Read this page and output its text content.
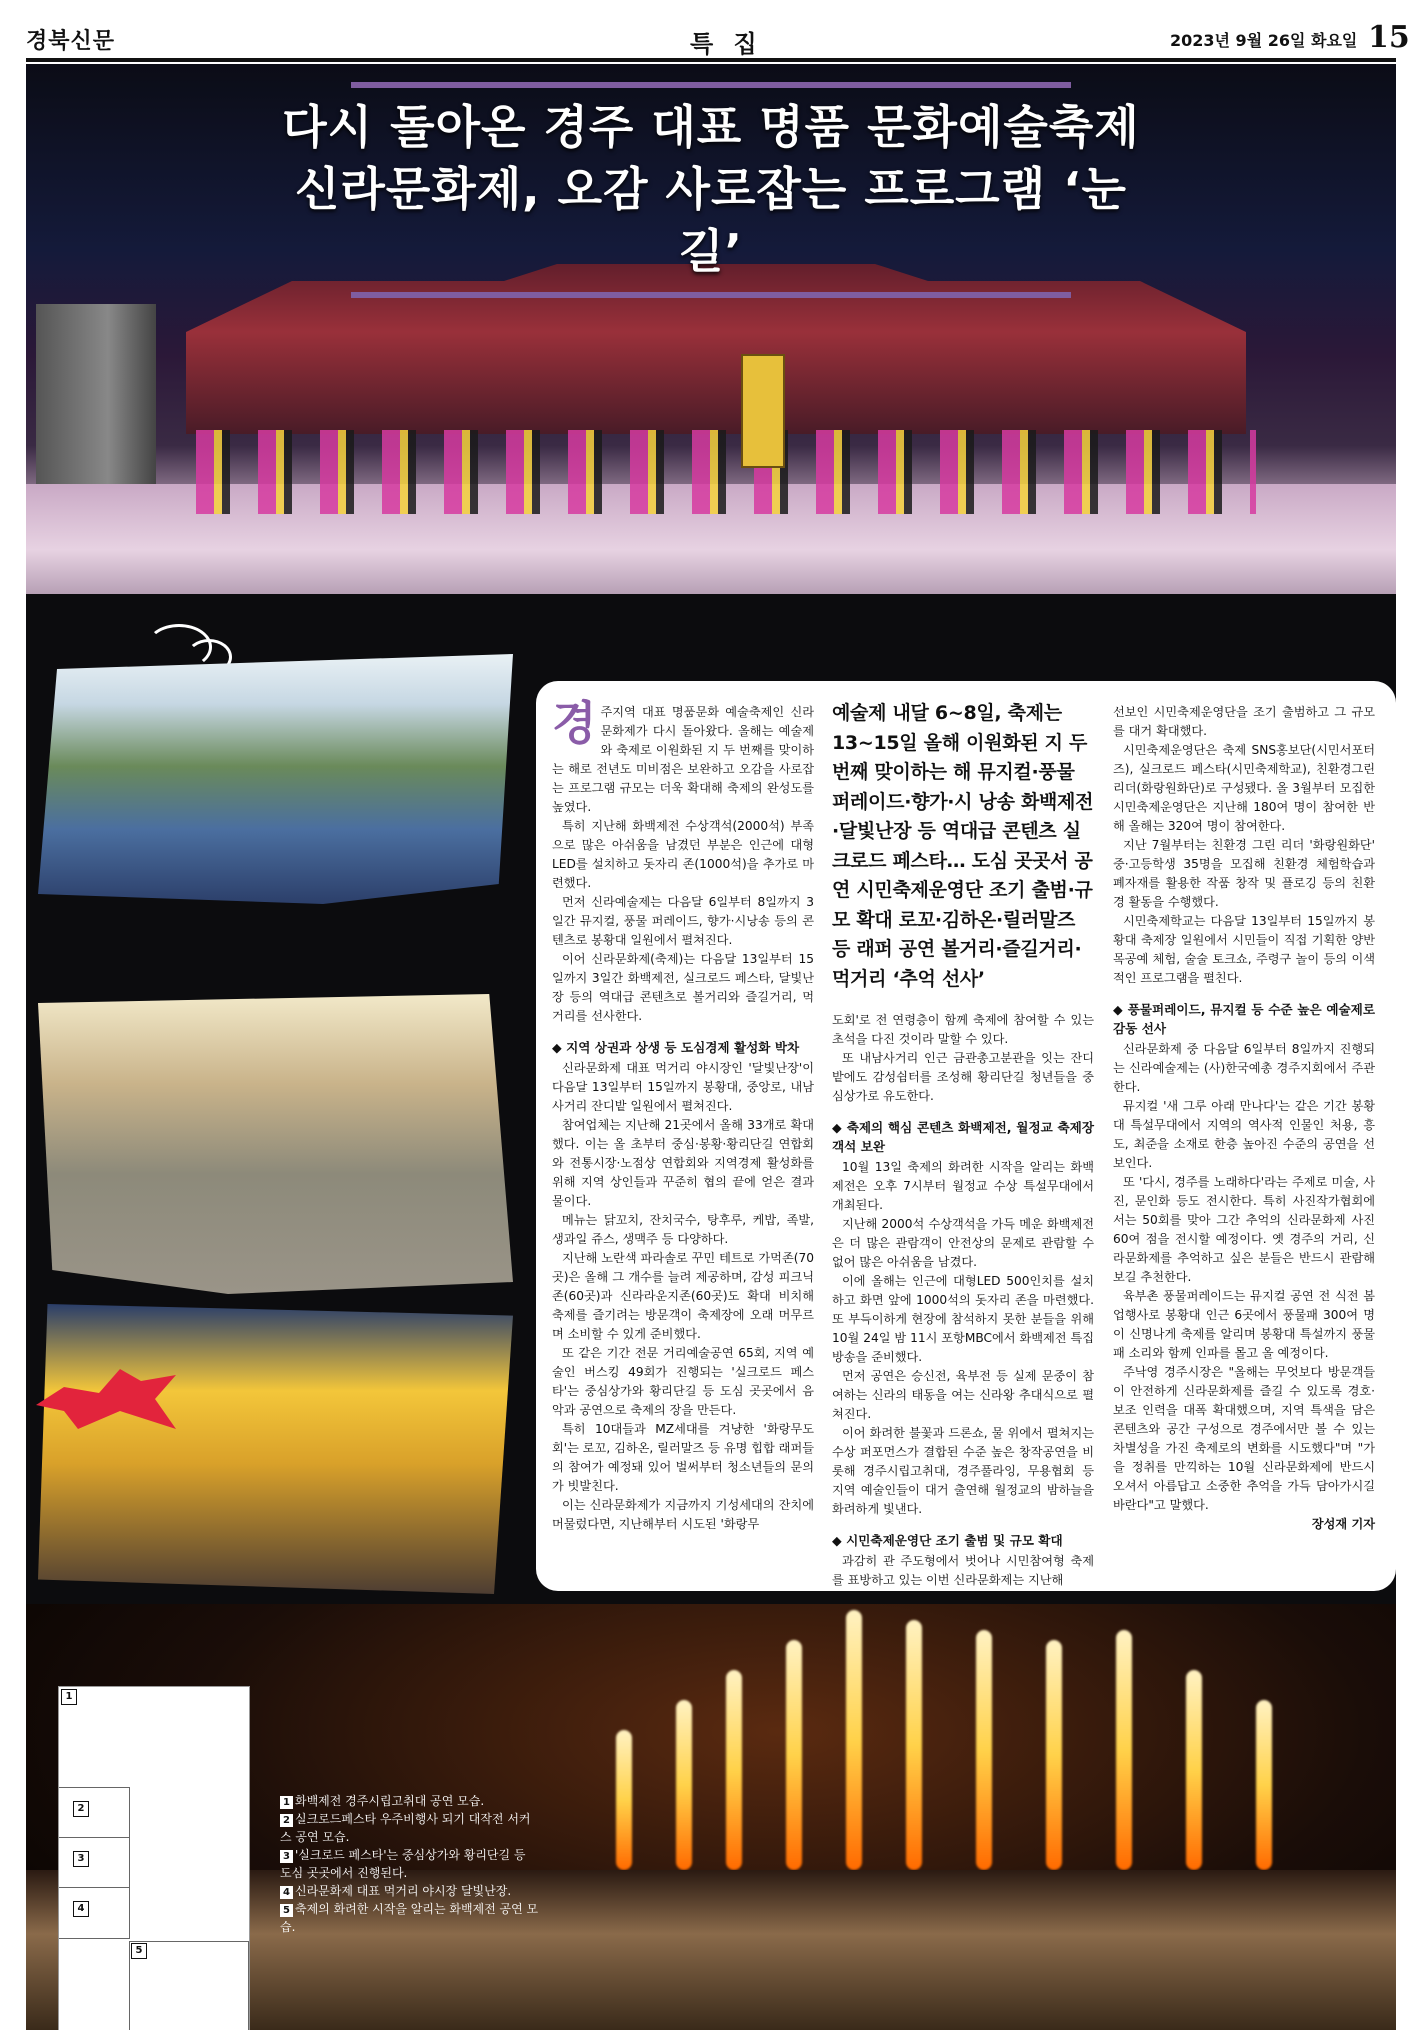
경북신문	특 집	2023년 9월 26일 화요일 15
다시 돌아온 경주 대표 명품 문화예술축제
신라문화제, 오감 사로잡는 프로그램 ‘눈길’
1
2
3
4
5
1 화백제전 경주시립고취대 공연 모습.
2 실크로드페스타 우주비행사 되기 대작전 서커스 공연 모습.
3 '실크로드 페스타'는 중심상가와 황리단길 등 도심 곳곳에서 진행된다.
4 신라문화제 대표 먹거리 야시장 달빛난장.
5 축제의 화려한 시작을 알리는 화백제전 공연 모습.

경주지역 대표 명품문화 예술축제인 신라문화제가 다시 돌아왔다. 올해는 예술제와 축제로 이원화된 지 두 번째를 맞이하는 해로 전년도 미비점은 보완하고 오감을 사로잡는 프로그램 규모는 더욱 확대해 축제의 완성도를 높였다.

특히 지난해 화백제전 수상객석(2000석) 부족으로 많은 아쉬움을 남겼던 부분은 인근에 대형 LED를 설치하고 돗자리 존(1000석)을 추가로 마련했다.

먼저 신라예술제는 다음달 6일부터 8일까지 3일간 뮤지컬, 풍물 퍼레이드, 향가·시낭송 등의 콘텐츠로 봉황대 일원에서 펼쳐진다.

이어 신라문화제(축제)는 다음달 13일부터 15일까지 3일간 화백제전, 실크로드 페스타, 달빛난장 등의 역대급 콘텐츠로 볼거리와 즐길거리, 먹거리를 선사한다.

◆ 지역 상권과 상생 등 도심경제 활성화 박차

신라문화제 대표 먹거리 야시장인 '달빛난장'이 다음달 13일부터 15일까지 봉황대, 중앙로, 내남사거리 잔디밭 일원에서 펼쳐진다.

참여업체는 지난해 21곳에서 올해 33개로 확대했다. 이는 올 초부터 중심·봉황·황리단길 연합회와 전통시장·노점상 연합회와 지역경제 활성화를 위해 지역 상인들과 꾸준히 협의 끝에 얻은 결과물이다.

메뉴는 닭꼬치, 잔치국수, 탕후루, 케밥, 족발, 생과일 쥬스, 생맥주 등 다양하다.

지난해 노란색 파라솔로 꾸민 테트로 가먹존(70곳)은 올해 그 개수를 늘려 제공하며, 감성 피크닉존(60곳)과 신라라운지존(60곳)도 확대 비치해 축제를 즐기려는 방문객이 축제장에 오래 머무르며 소비할 수 있게 준비했다.

또 같은 기간 전문 거리예술공연 65회, 지역 예술인 버스킹 49회가 진행되는 '실크로드 페스타'는 중심상가와 황리단길 등 도심 곳곳에서 음악과 공연으로 축제의 장을 만든다.

특히 10대들과 MZ세대를 겨냥한 '화랑무도회'는 로꼬, 김하온, 릴러말즈 등 유명 힙합 래퍼들의 참여가 예정돼 있어 벌써부터 청소년들의 문의가 빗발친다.

이는 신라문화제가 지금까지 기성세대의 잔치에 머물렀다면, 지난해부터 시도된 '화랑무

예술제 내달 6~8일, 축제는 13~15일 올해 이원화된 지 두 번째 맞이하는 해 뮤지컬·풍물 퍼레이드·향가·시 낭송 화백제전·달빛난장 등 역대급 콘텐츠 실크로드 페스타… 도심 곳곳서 공연 시민축제운영단 조기 출범·규모 확대 로꼬·김하온·릴러말즈 등 래퍼 공연 볼거리·즐길거리·먹거리 ‘추억 선사’

도회'로 전 연령층이 함께 축제에 참여할 수 있는 초석을 다진 것이라 말할 수 있다.

또 내남사거리 인근 금관총고분관을 잇는 잔디밭에도 감성쉼터를 조성해 황리단길 청년들을 중심상가로 유도한다.

◆ 축제의 핵심 콘텐츠 화백제전, 월정교 축제장 객석 보완

10월 13일 축제의 화려한 시작을 알리는 화백제전은 오후 7시부터 월정교 수상 특설무대에서 개최된다.

지난해 2000석 수상객석을 가득 메운 화백제전은 더 많은 관람객이 안전상의 문제로 관람할 수 없어 많은 아쉬움을 남겼다.

이에 올해는 인근에 대형LED 500인치를 설치하고 화면 앞에 1000석의 돗자리 존을 마련했다. 또 부득이하게 현장에 참석하지 못한 분들을 위해 10월 24일 밤 11시 포항MBC에서 화백제전 특집방송을 준비했다.

먼저 공연은 승신전, 육부전 등 실제 문중이 참여하는 신라의 태동을 여는 신라왕 추대식으로 펼쳐진다.

이어 화려한 불꽃과 드론쇼, 물 위에서 펼쳐지는 수상 퍼포먼스가 결합된 수준 높은 창작공연을 비롯해 경주시립고취대, 경주풀라잉, 무용협회 등 지역 예술인들이 대거 출연해 월정교의 밤하늘을 화려하게 빛낸다.

◆ 시민축제운영단 조기 출범 및 규모 확대

과감히 관 주도형에서 벗어나 시민참여형 축제를 표방하고 있는 이번 신라문화제는 지난해

선보인 시민축제운영단을 조기 출범하고 그 규모를 대거 확대했다.

시민축제운영단은 축제 SNS홍보단(시민서포터즈), 실크로드 페스타(시민축제학교), 친환경그린리더(화랑원화단)로 구성됐다. 올 3월부터 모집한 시민축제운영단은 지난해 180여 명이 참여한 반해 올해는 320여 명이 참여한다.

지난 7월부터는 친환경 그린 리더 '화랑원화단' 중·고등학생 35명을 모집해 친환경 체험학습과 폐자재를 활용한 작품 창작 및 플로깅 등의 친환경 활동을 수행했다.

시민축제학교는 다음달 13일부터 15일까지 봉황대 축제장 일원에서 시민들이 직접 기획한 양반목공예 체험, 술술 토크쇼, 주령구 놀이 등의 이색적인 프로그램을 펼친다.

◆ 풍물퍼레이드, 뮤지컬 등 수준 높은 예술제로 감동 선사

신라문화제 중 다음달 6일부터 8일까지 진행되는 신라예술제는 (사)한국예총 경주지회에서 주관한다.

뮤지컬 '새 그루 아래 만나다'는 같은 기간 봉황대 특설무대에서 지역의 역사적 인물인 처용, 흥도, 최준을 소재로 한층 높아진 수준의 공연을 선보인다.

또 '다시, 경주를 노래하다'라는 주제로 미술, 사진, 문인화 등도 전시한다. 특히 사진작가협회에서는 50회를 맞아 그간 추억의 신라문화제 사진 60여 점을 전시할 예정이다. 옛 경주의 거리, 신라문화제를 추억하고 싶은 분들은 반드시 관람해 보길 추천한다.

육부촌 풍물퍼레이드는 뮤지컬 공연 전 식전 봄업행사로 봉황대 인근 6곳에서 풍물패 300여 명이 신명나게 축제를 알리며 봉황대 특설까지 풍물패 소리와 함께 인파를 몰고 올 예정이다.

주낙영 경주시장은 "올해는 무엇보다 방문객들이 안전하게 신라문화제를 즐길 수 있도록 경호·보조 인력을 대폭 확대했으며, 지역 특색을 담은 콘텐츠와 공간 구성으로 경주에서만 볼 수 있는 차별성을 가진 축제로의 변화를 시도했다"며 "가을 정취를 만끽하는 10월 신라문화제에 반드시 오셔서 아름답고 소중한 추억을 가득 담아가시길 바란다"고 말했다.

장성재 기자
